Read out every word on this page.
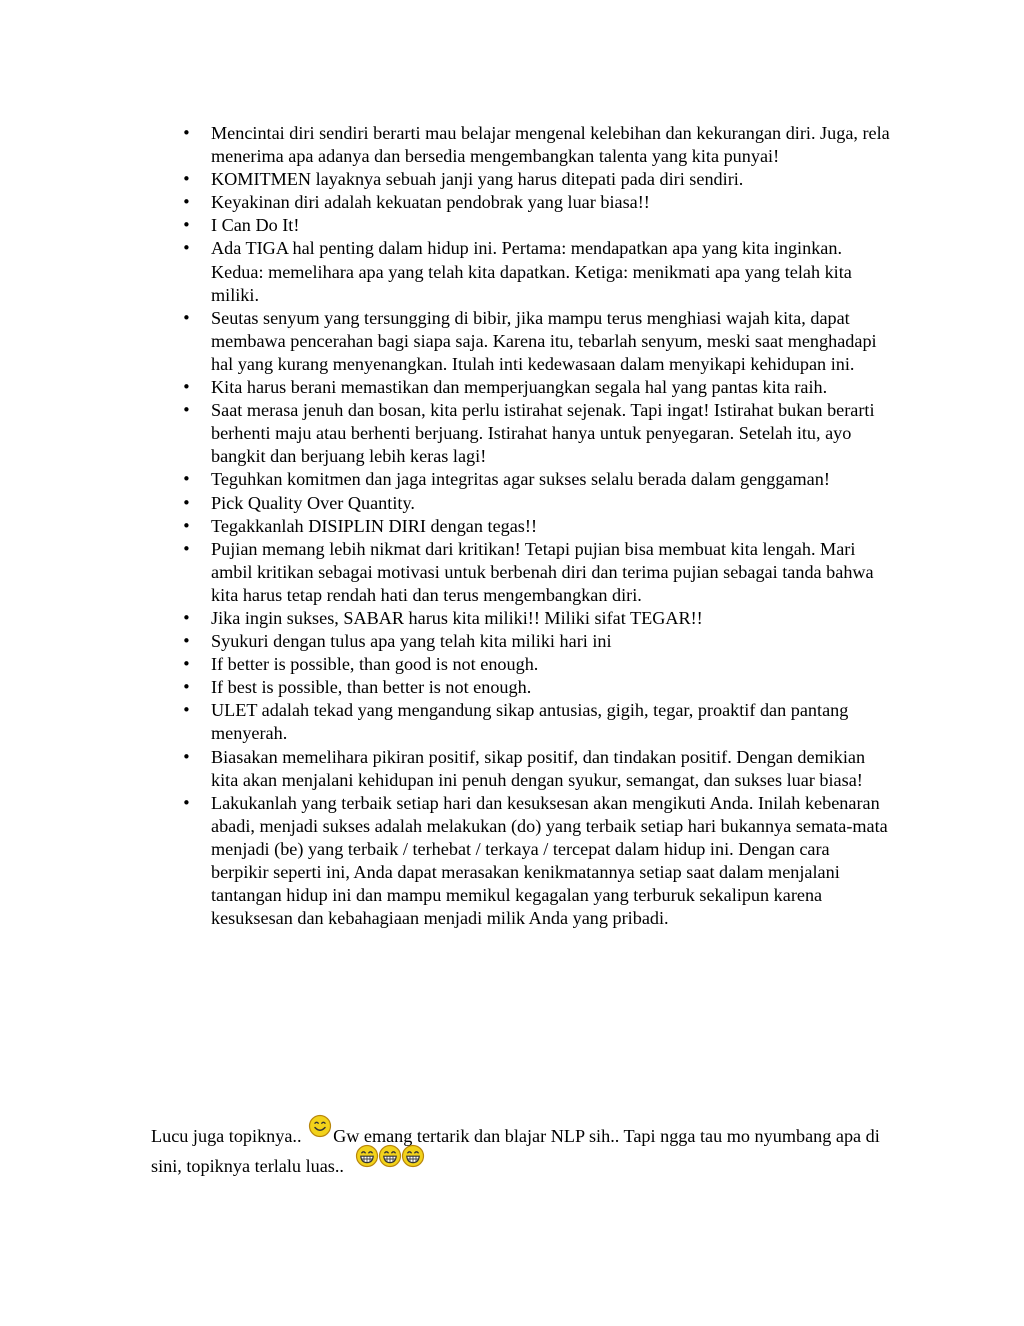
• Mencintai diri sendiri berarti mau belajar mengenal kelebihan dan kekurangan diri. Juga, rela menerima apa adanya dan bersedia mengembangkan talenta yang kita punyai!
• KOMITMEN layaknya sebuah janji yang harus ditepati pada diri sendiri.
• Keyakinan diri adalah kekuatan pendobrak yang luar biasa!!
• I Can Do It!
• Ada TIGA hal penting dalam hidup ini. Pertama: mendapatkan apa yang kita inginkan. Kedua: memelihara apa yang telah kita dapatkan. Ketiga: menikmati apa yang telah kita miliki.
• Seutas senyum yang tersungging di bibir, jika mampu terus menghiasi wajah kita, dapat membawa pencerahan bagi siapa saja. Karena itu, tebarlah senyum, meski saat menghadapi hal yang kurang menyenangkan. Itulah inti kedewasaan dalam menyikapi kehidupan ini.
• Kita harus berani memastikan dan memperjuangkan segala hal yang pantas kita raih.
• Saat merasa jenuh dan bosan, kita perlu istirahat sejenak. Tapi ingat! Istirahat bukan berarti berhenti maju atau berhenti berjuang. Istirahat hanya untuk penyegaran. Setelah itu, ayo bangkit dan berjuang lebih keras lagi!
• Teguhkan komitmen dan jaga integritas agar sukses selalu berada dalam genggaman!
• Pick Quality Over Quantity.
• Tegakkanlah DISIPLIN DIRI dengan tegas!!
• Pujian memang lebih nikmat dari kritikan! Tetapi pujian bisa membuat kita lengah. Mari ambil kritikan sebagai motivasi untuk berbenah diri dan terima pujian sebagai tanda bahwa kita harus tetap rendah hati dan terus mengembangkan diri.
• Jika ingin sukses, SABAR harus kita miliki!! Miliki sifat TEGAR!!
• Syukuri dengan tulus apa yang telah kita miliki hari ini
• If better is possible, than good is not enough.
• If best is possible, than better is not enough.
• ULET adalah tekad yang mengandung sikap antusias, gigih, tegar, proaktif dan pantang menyerah.
• Biasakan memelihara pikiran positif, sikap positif, dan tindakan positif. Dengan demikian kita akan menjalani kehidupan ini penuh dengan syukur, semangat, dan sukses luar biasa!
• Lakukanlah yang terbaik setiap hari dan kesuksesan akan mengikuti Anda. Inilah kebenaran abadi, menjadi sukses adalah melakukan (do) yang terbaik setiap hari bukannya semata-mata menjadi (be) yang terbaik / terhebat / terkaya / tercepat dalam hidup ini. Dengan cara berpikir seperti ini, Anda dapat merasakan kenikmatannya setiap saat dalam menjalani tantangan hidup ini dan mampu memikul kegagalan yang terburuk sekalipun karena kesuksesan dan kebahagiaan menjadi milik Anda yang pribadi.

Lucu juga topiknya.. Gw emang tertarik dan blajar NLP sih.. Tapi ngga tau mo nyumbang apa di sini, topiknya terlalu luas..
